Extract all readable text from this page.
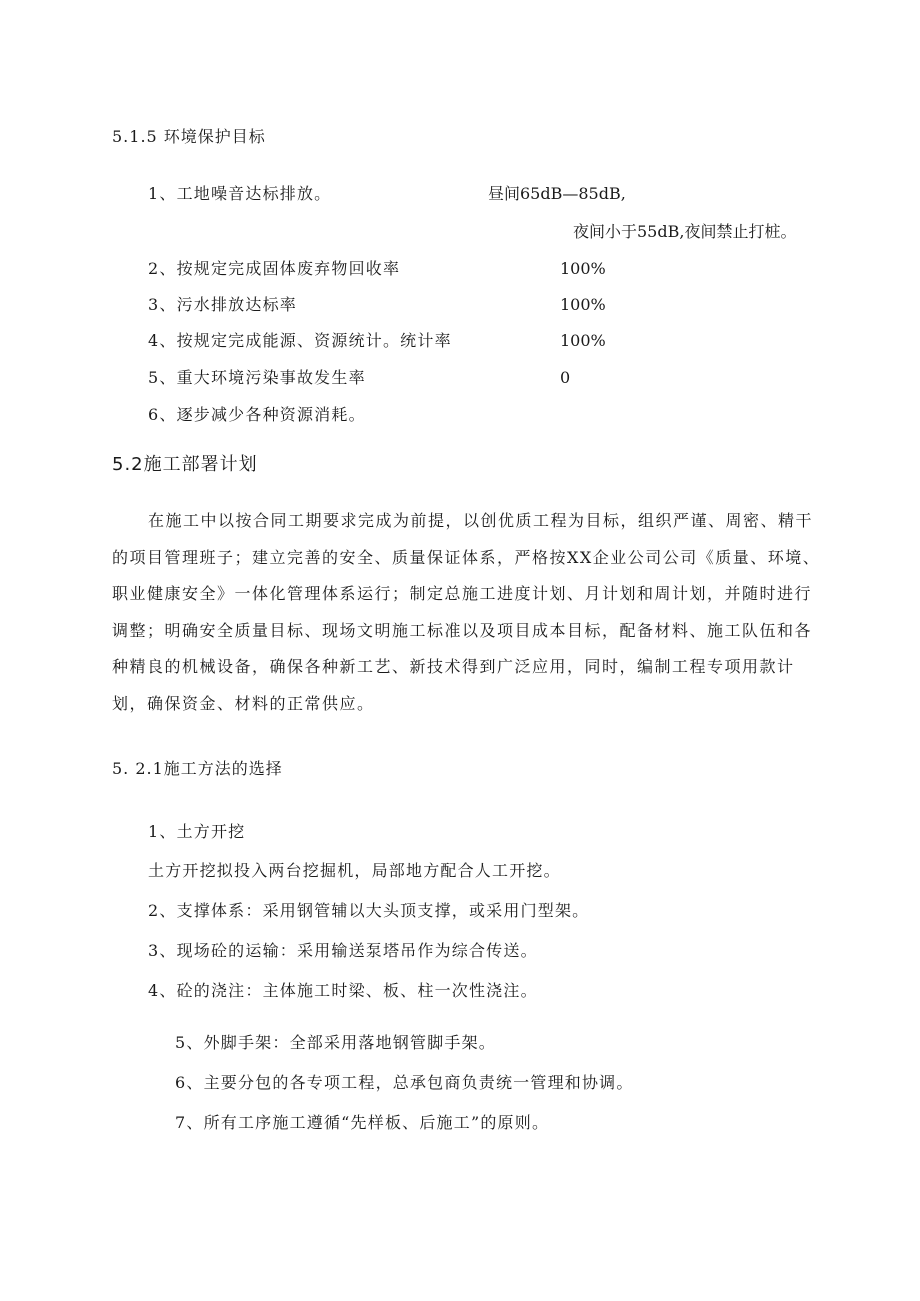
5.1.5 环境保护目标
1、工地噪音达标排放。	昼间65dB—85dB,
夜间小于55dB,夜间禁止打桩。
2、按规定完成固体废弃物回收率	100%
3、污水排放达标率	100%
4、按规定完成能源、资源统计。统计率	100%
5、重大环境污染事故发生率	0
6、逐步减少各种资源消耗。
5.2施工部署计划
在施工中以按合同工期要求完成为前提，以创优质工程为目标，组织严谨、周密、精干的项目管理班子；建立完善的安全、质量保证体系，严格按XX企业公司公司《质量、环境、职业健康安全》一体化管理体系运行；制定总施工进度计划、月计划和周计划，并随时进行调整；明确安全质量目标、现场文明施工标准以及项目成本目标，配备材料、施工队伍和各种精良的机械设备，确保各种新工艺、新技术得到广泛应用，同时，编制工程专项用款计划，确保资金、材料的正常供应。
5. 2.1施工方法的选择
1、土方开挖
土方开挖拟投入两台挖掘机，局部地方配合人工开挖。
2、支撑体系：采用钢管辅以大头顶支撑，或采用门型架。
3、现场砼的运输：采用输送泵塔吊作为综合传送。
4、砼的浇注：主体施工时梁、板、柱一次性浇注。
5、外脚手架：全部采用落地钢管脚手架。
6、主要分包的各专项工程，总承包商负责统一管理和协调。
7、所有工序施工遵循“先样板、后施工”的原则。
